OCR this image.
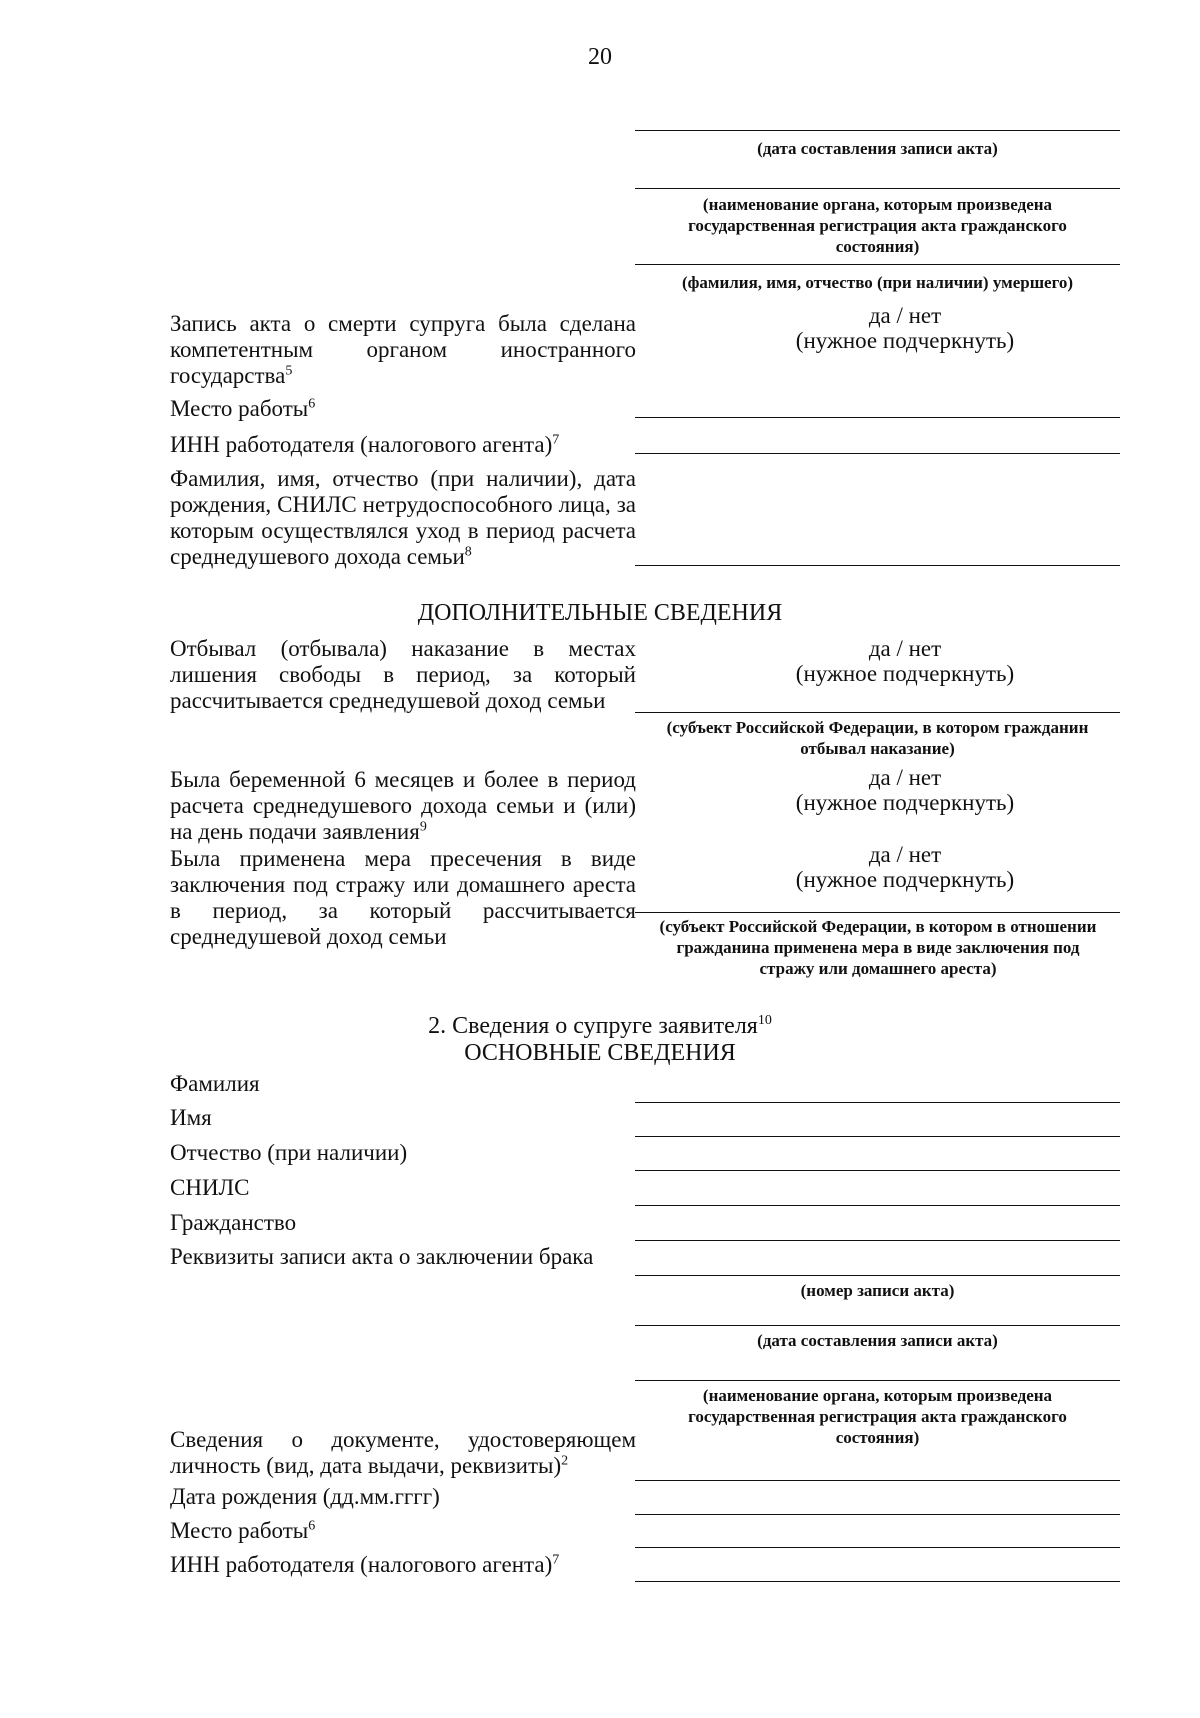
20
(дата составления записи акта)
(наименование органа, которым произведена государственная регистрация акта гражданского состояния)
(фамилия, имя, отчество (при наличии) умершего)
Запись акта о смерти супруга была сделана компетентным органом иностранного государства$^5$
да / нет
(нужное подчеркнуть)
Место работы$^6$
ИНН работодателя (налогового агента)$^7$
Фамилия, имя, отчество (при наличии), дата рождения, СНИЛС нетрудоспособного лица, за которым осуществлялся уход в период расчета среднедушевого дохода семьи$^8$
ДОПОЛНИТЕЛЬНЫЕ СВЕДЕНИЯ
Отбывал (отбывала) наказание в местах лишения свободы в период, за который рассчитывается среднедушевой доход семьи
да / нет
(нужное подчеркнуть)
(субъект Российской Федерации, в котором гражданин отбывал наказание)
Была беременной 6 месяцев и более в период расчета среднедушевого дохода семьи и (или) на день подачи заявления$^9$
да / нет
(нужное подчеркнуть)
Была применена мера пресечения в виде заключения под стражу или домашнего ареста в период, за который рассчитывается среднедушевой доход семьи
да / нет
(нужное подчеркнуть)
(субъект Российской Федерации, в котором в отношении гражданина применена мера в виде заключения под стражу или домашнего ареста)
2. Сведения о супруге заявителя$^{10}$
ОСНОВНЫЕ СВЕДЕНИЯ
Фамилия
Имя
Отчество (при наличии)
СНИЛС
Гражданство
Реквизиты записи акта о заключении брака
(номер записи акта)
(дата составления записи акта)
(наименование органа, которым произведена государственная регистрация акта гражданского состояния)
Сведения о документе, удостоверяющем личность (вид, дата выдачи, реквизиты)$^2$
Дата рождения (дд.мм.гггг)
Место работы$^6$
ИНН работодателя (налогового агента)$^7$
